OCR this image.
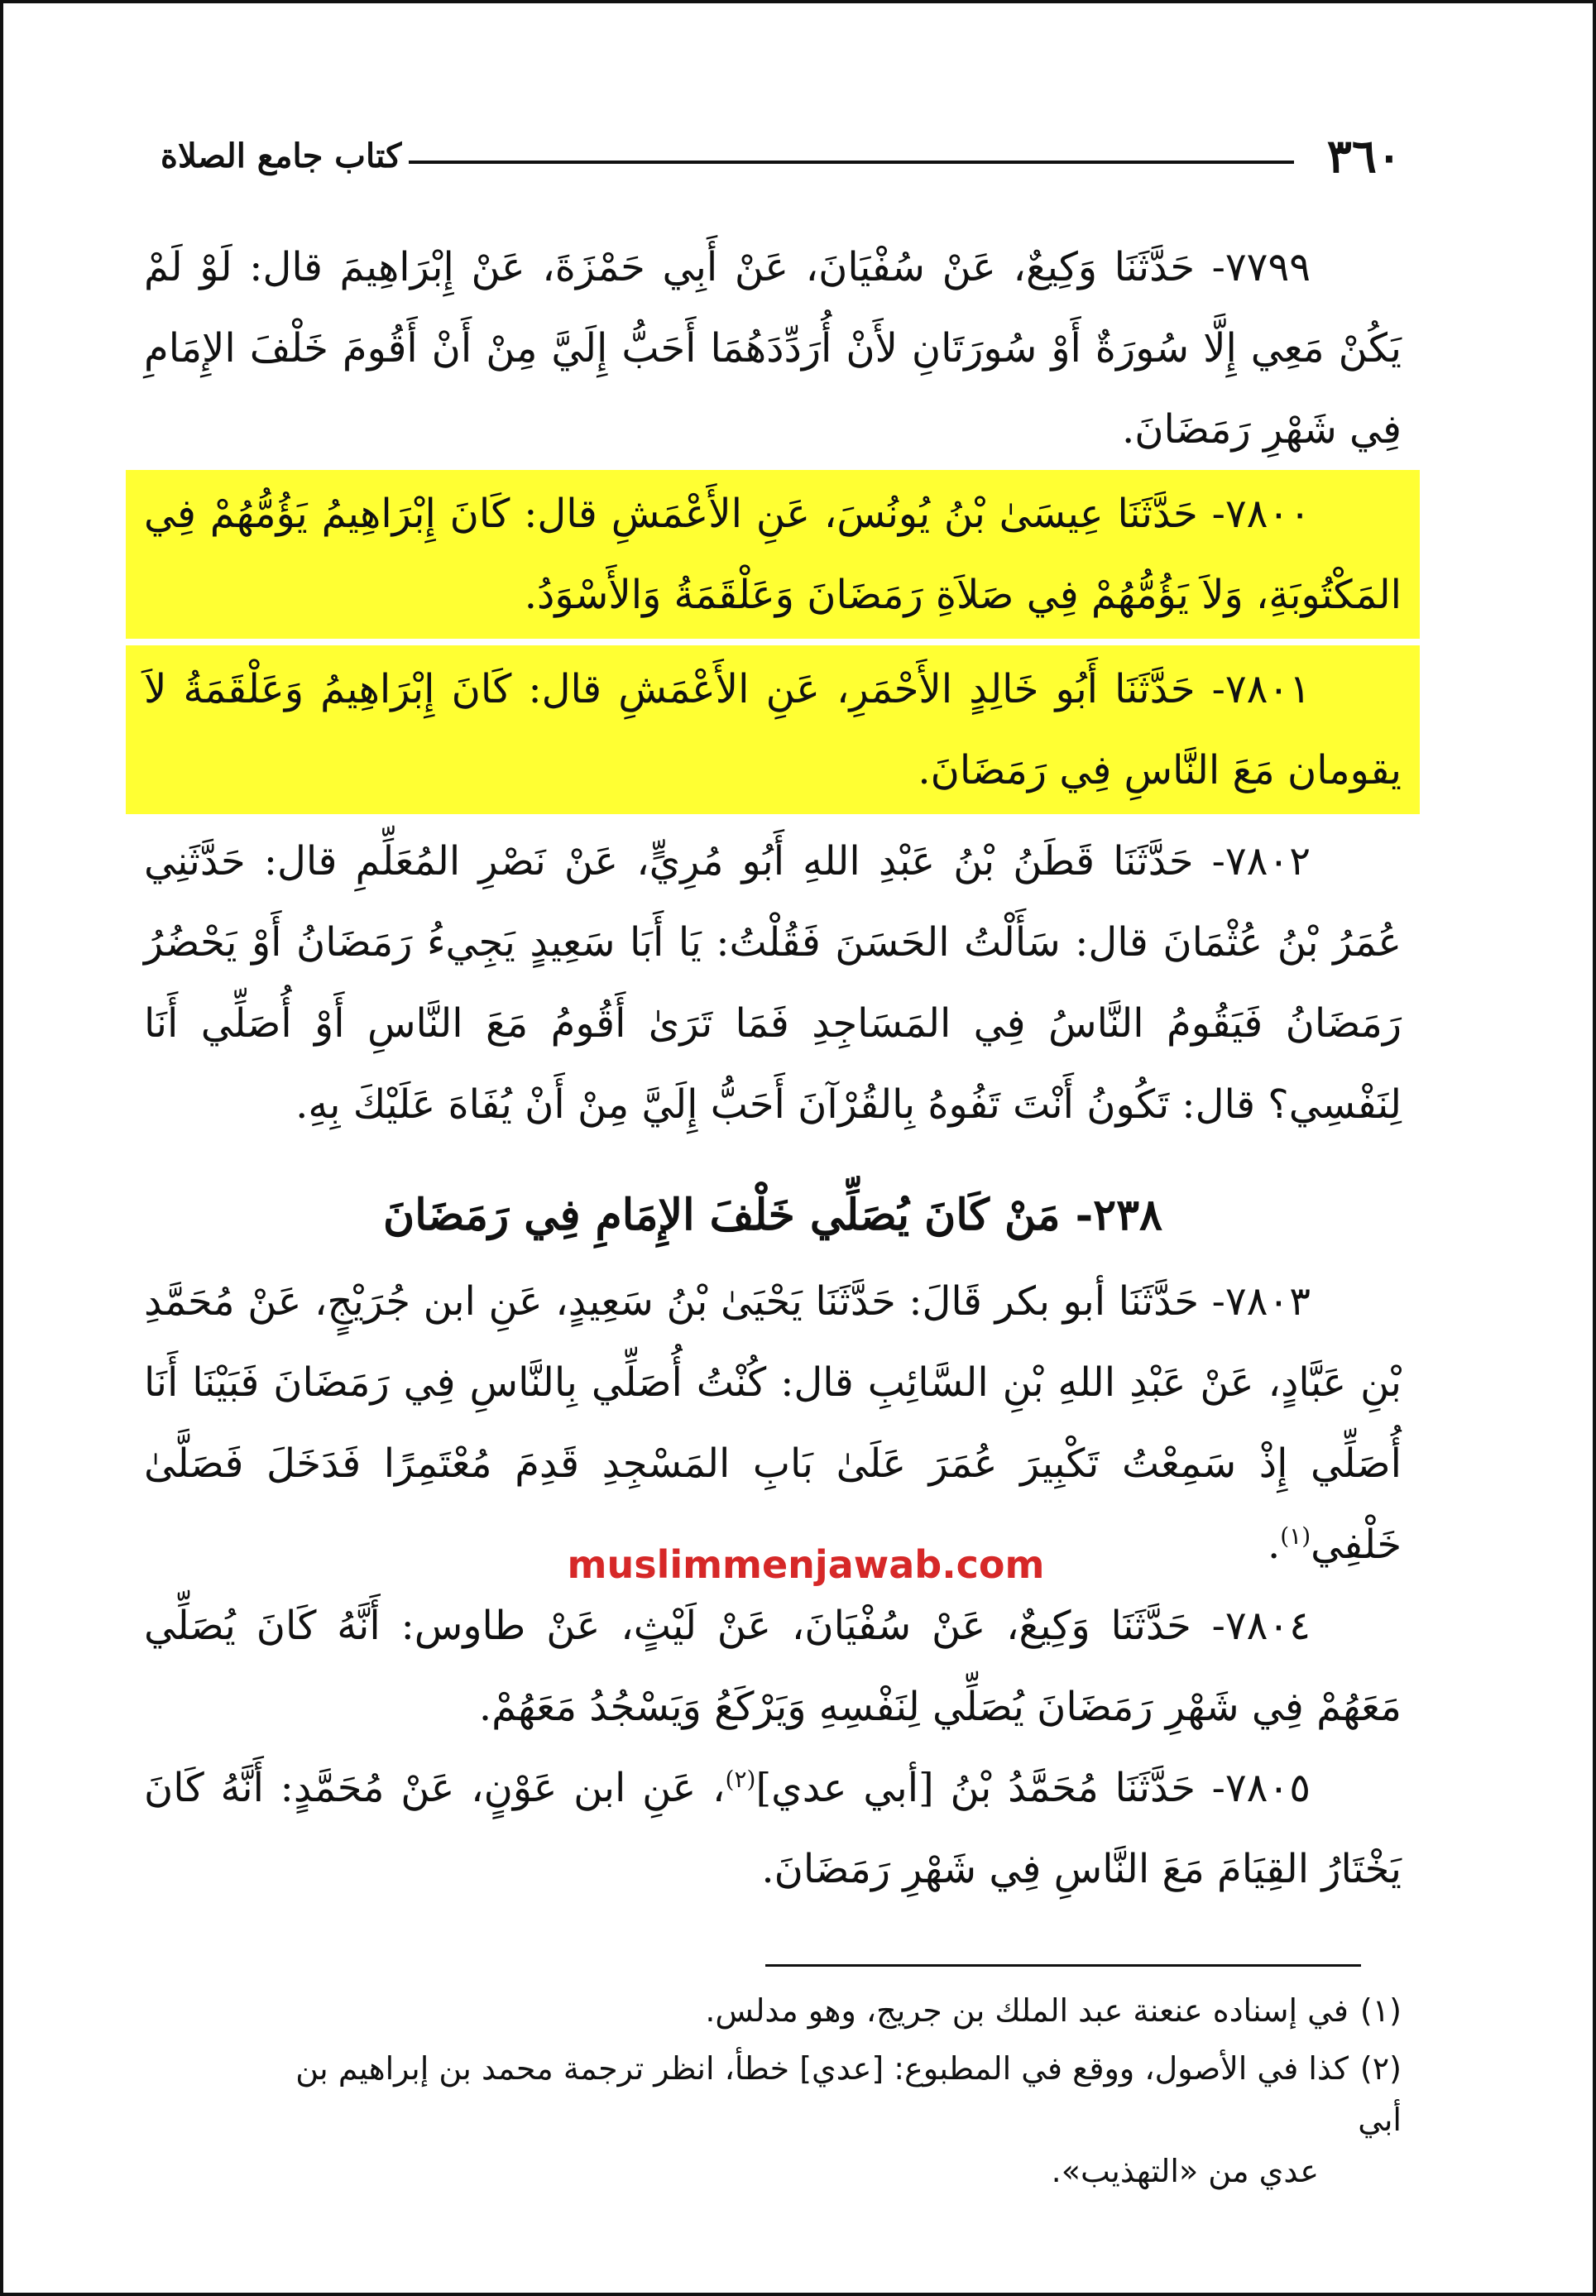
٣٦٠
كتاب جامع الصلاة

٧٧٩٩- حَدَّثَنَا وَكِيعٌ، عَنْ سُفْيَانَ، عَنْ أَبِي حَمْزَةَ، عَنْ إِبْرَاهِيمَ قال: لَوْ لَمْ يَكُنْ مَعِي إِلَّا سُورَةٌ أَوْ سُورَتَانِ لأَنْ أُرَدِّدَهُمَا أَحَبُّ إِلَيَّ مِنْ أَنْ أَقُومَ خَلْفَ الإِمَامِ فِي شَهْرِ رَمَضَانَ.

٧٨٠٠- حَدَّثَنَا عِيسَىٰ بْنُ يُونُسَ، عَنِ الأَعْمَشِ قال: كَانَ إِبْرَاهِيمُ يَؤُمُّهُمْ فِي المَكْتُوبَةِ، وَلاَ يَؤُمُّهُمْ فِي صَلاَةِ رَمَضَانَ وَعَلْقَمَةُ وَالأَسْوَدُ.

٧٨٠١- حَدَّثَنَا أَبُو خَالِدٍ الأَحْمَرِ، عَنِ الأَعْمَشِ قال: كَانَ إِبْرَاهِيمُ وَعَلْقَمَةُ لاَ يقومان مَعَ النَّاسِ فِي رَمَضَانَ.

٧٨٠٢- حَدَّثَنَا قَطَنُ بْنُ عَبْدِ اللهِ أَبُو مُرِيٍّ، عَنْ نَصْرِ المُعَلِّمِ قال: حَدَّثَنِي عُمَرُ بْنُ عُثْمَانَ قال: سَأَلْتُ الحَسَنَ فَقُلْتُ: يَا أَبَا سَعِيدٍ يَجِيءُ رَمَضَانُ أَوْ يَحْضُرُ رَمَضَانُ فَيَقُومُ النَّاسُ فِي المَسَاجِدِ فَمَا تَرَىٰ أَقُومُ مَعَ النَّاسِ أَوْ أُصَلِّي أَنَا لِنَفْسِي؟ قال: تَكُونُ أَنْتَ تَفُوهُ بِالقُرْآنَ أَحَبُّ إِلَيَّ مِنْ أَنْ يُفَاهَ عَلَيْكَ بِهِ.

٢٣٨- مَنْ كَانَ يُصَلِّي خَلْفَ الإِمَامِ فِي رَمَضَانَ

٧٨٠٣- حَدَّثَنَا أبو بكر قَالَ: حَدَّثَنَا يَحْيَىٰ بْنُ سَعِيدٍ، عَنِ ابن جُرَيْجٍ، عَنْ مُحَمَّدِ بْنِ عَبَّادٍ، عَنْ عَبْدِ اللهِ بْنِ السَّائِبِ قال: كُنْتُ أُصَلِّي بِالنَّاسِ فِي رَمَضَانَ فَبَيْنَا أَنَا أُصَلِّي إِذْ سَمِعْتُ تَكْبِيرَ عُمَرَ عَلَىٰ بَابِ المَسْجِدِ قَدِمَ مُعْتَمِرًا فَدَخَلَ فَصَلَّىٰ خَلْفِي$^{(١)}$.

٧٨٠٤- حَدَّثَنَا وَكِيعٌ، عَنْ سُفْيَانَ، عَنْ لَيْثٍ، عَنْ طاوس: أَنَّهُ كَانَ يُصَلِّي مَعَهُمْ فِي شَهْرِ رَمَضَانَ يُصَلِّي لِنَفْسِهِ وَيَرْكَعُ وَيَسْجُدُ مَعَهُمْ.

٧٨٠٥- حَدَّثَنَا مُحَمَّدُ بْنُ [أبي عدي]$^{(٢)}$، عَنِ ابن عَوْنٍ، عَنْ مُحَمَّدٍ: أَنَّهُ كَانَ يَخْتَارُ القِيَامَ مَعَ النَّاسِ فِي شَهْرِ رَمَضَانَ.

muslimmenjawab.com

(١)في إسناده عنعنة عبد الملك بن جريج، وهو مدلس.

(٢)كذا في الأصول، ووقع في المطبوع: [عدي] خطأ، انظر ترجمة محمد بن إبراهيم بن أبي
عدي من «التهذيب».
